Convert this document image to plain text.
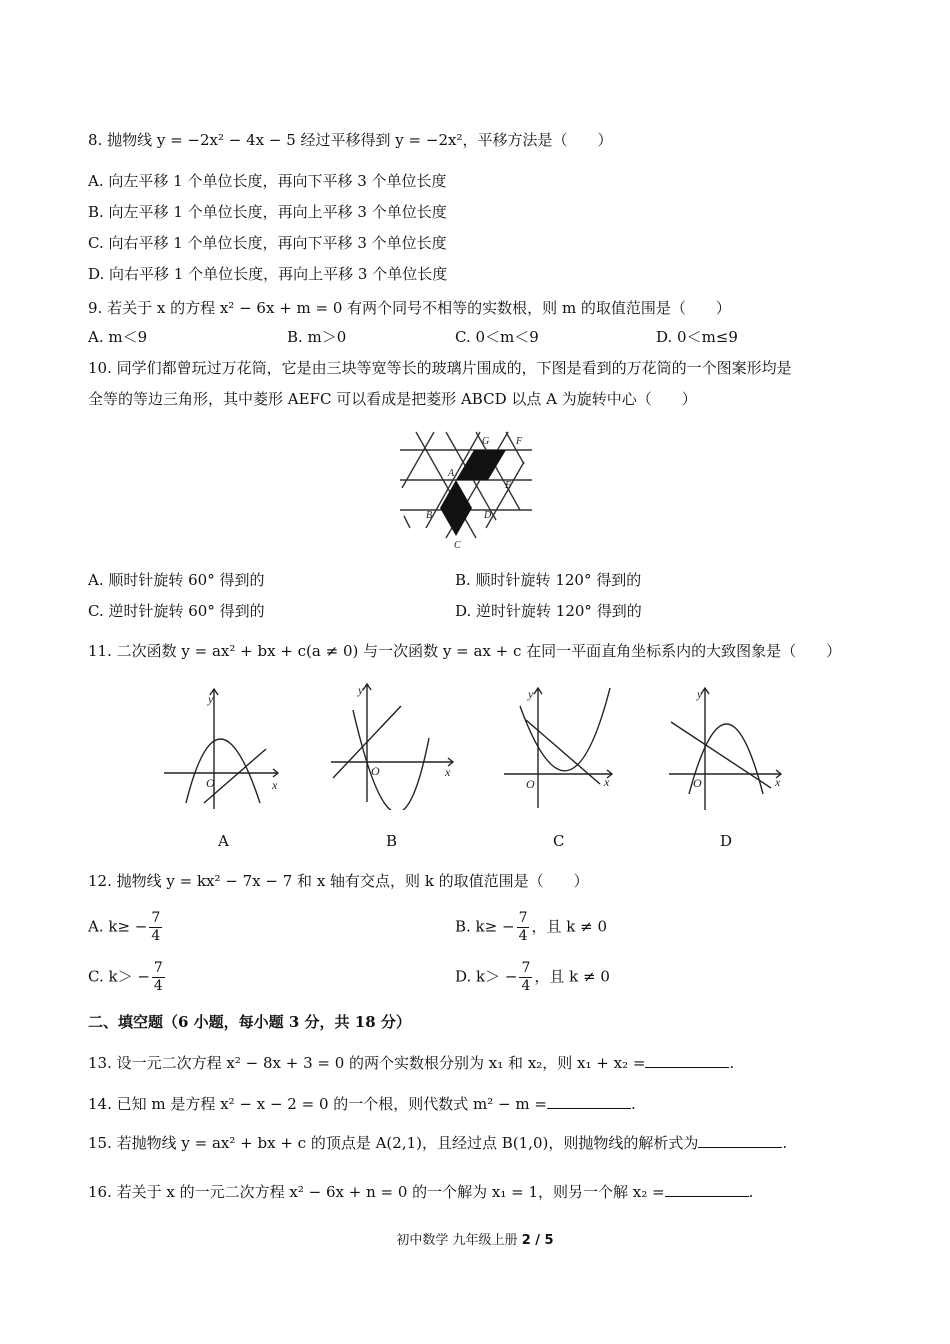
8. 抛物线 y = −2x² − 4x − 5 经过平移得到 y = −2x²，平移方法是（　　）
A. 向左平移 1 个单位长度，再向下平移 3 个单位长度
B. 向左平移 1 个单位长度，再向上平移 3 个单位长度
C. 向右平移 1 个单位长度，再向下平移 3 个单位长度
D. 向右平移 1 个单位长度，再向上平移 3 个单位长度
9. 若关于 x 的方程 x² − 6x + m = 0 有两个同号不相等的实数根，则 m 的取值范围是（　　）
A. m＜9	B. m＞0	C. 0＜m＜9	D. 0＜m≤9
10. 同学们都曾玩过万花筒，它是由三块等宽等长的玻璃片围成的，下图是看到的万花筒的一个图案形均是
全等的等边三角形，其中菱形 AEFC 可以看成是把菱形 ABCD 以点 A 为旋转中心（　　）
G	F
A
E
B	D
C
A. 顺时针旋转 60° 得到的	B. 顺时针旋转 120° 得到的
C. 逆时针旋转 60° 得到的	D. 逆时针旋转 120° 得到的
11. 二次函数 y = ax² + bx + c(a ≠ 0) 与一次函数 y = ax + c 在同一平面直角坐标系内的大致图象是（　　）
y
x
O
y
x
O
y
x
O
y
x
O
A	B	C	D
12. 抛物线 y = kx² − 7x − 7 和 x 轴有交点，则 k 的取值范围是（　　）
A. $k\ge - \frac{7}{4}$	B. $k\ge - \frac{7}{4}$ ，且 k ≠ 0
C. $k> - \frac{7}{4}$	D. $k> - \frac{7}{4}$ ，且 k ≠ 0
二、填空题（6 小题，每小题 3 分，共 18 分）
13. 设一元二次方程 x² − 8x + 3 = 0 的两个实数根分别为 x₁ 和 x₂，则 x₁ + x₂ =	.
14. 已知 m 是方程 x² − x − 2 = 0 的一个根，则代数式 m² − m =	.
15. 若抛物线 y = ax² + bx + c 的顶点是 A(2,1)，且经过点 B(1,0)，则抛物线的解析式为	.
16. 若关于 x 的一元二次方程 x² − 6x + n = 0 的一个解为 x₁ = 1，则另一个解 x₂ =	.
初中数学 九年级上册 2 / 5
